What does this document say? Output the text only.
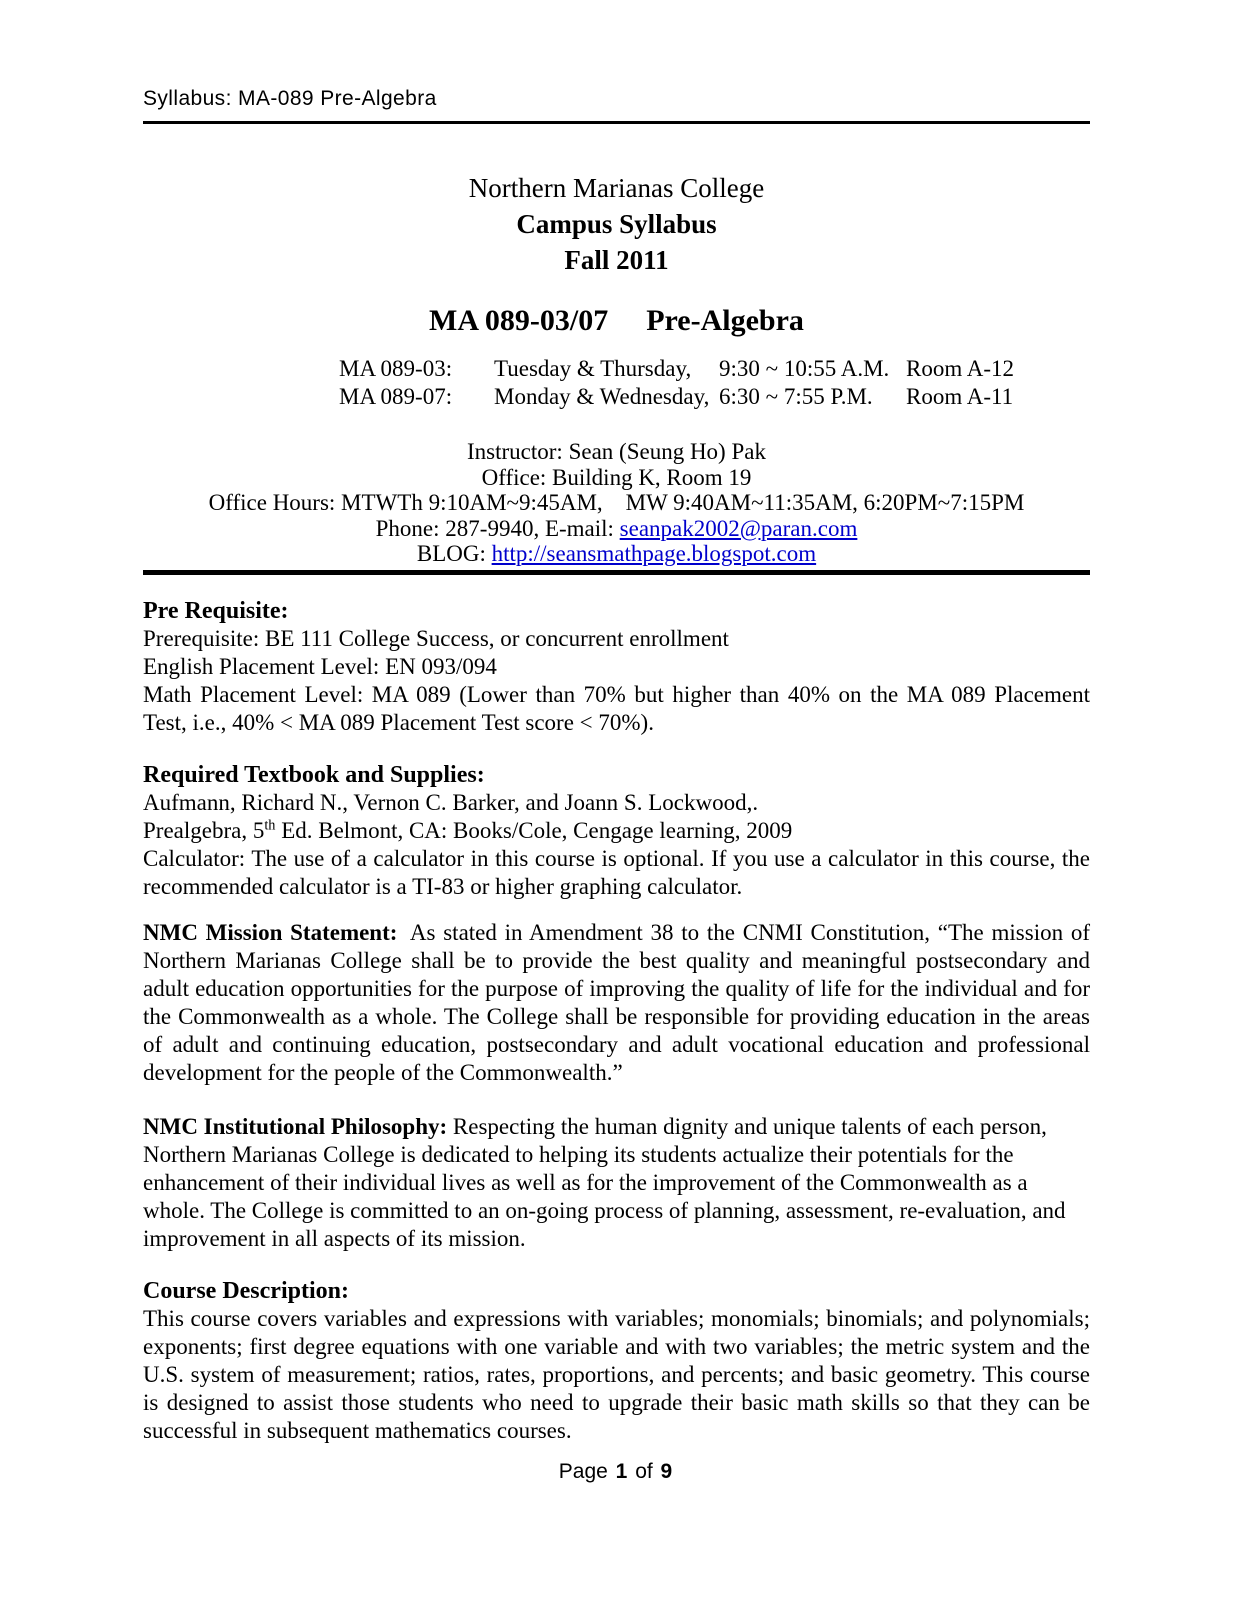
Syllabus: MA-089 Pre-Algebra
Northern Marianas College
Campus Syllabus
Fall 2011
MA 089-03/07 Pre-Algebra
MA 089-03:	Tuesday & Thursday,	9:30 ~ 10:55 A.M. Room A-12
MA 089-07:	Monday & Wednesday, 6:30 ~ 7:55 P.M.	Room A-11
Instructor: Sean (Seung Ho) Pak
Office: Building K, Room 19
Office Hours: MTWTh 9:10AM~9:45AM,    MW 9:40AM~11:35AM, 6:20PM~7:15PM
Phone: 287-9940, E-mail: seanpak2002@paran.com
BLOG: http://seansmathpage.blogspot.com
Pre Requisite:
Prerequisite: BE 111 College Success, or concurrent enrollment
English Placement Level: EN 093/094

Math Placement Level: MA 089 (Lower than 70% but higher than 40% on the MA 089 Placement Test, i.e., 40% < MA 089 Placement Test score < 70%).

Required Textbook and Supplies:
Aufmann, Richard N., Vernon C. Barker, and Joann S. Lockwood,.
Prealgebra, 5th Ed. Belmont, CA: Books/Cole, Cengage learning, 2009

Calculator: The use of a calculator in this course is optional. If you use a calculator in this course, the recommended calculator is a TI-83 or higher graphing calculator.

NMC Mission Statement: As stated in Amendment 38 to the CNMI Constitution, “The mission of Northern Marianas College shall be to provide the best quality and meaningful postsecondary and adult education opportunities for the purpose of improving the quality of life for the individual and for the Commonwealth as a whole. The College shall be responsible for providing education in the areas of adult and continuing education, postsecondary and adult vocational education and professional development for the people of the Commonwealth.”

NMC Institutional Philosophy: Respecting the human dignity and unique talents of each person, Northern Marianas College is dedicated to helping its students actualize their potentials for the enhancement of their individual lives as well as for the improvement of the Commonwealth as a whole. The College is committed to an on-going process of planning, assessment, re-evaluation, and improvement in all aspects of its mission.

Course Description:

This course covers variables and expressions with variables; monomials; binomials; and polynomials; exponents; first degree equations with one variable and with two variables; the metric system and the U.S. system of measurement; ratios, rates, proportions, and percents; and basic geometry. This course is designed to assist those students who need to upgrade their basic math skills so that they can be successful in subsequent mathematics courses.

Page 1 of 9
